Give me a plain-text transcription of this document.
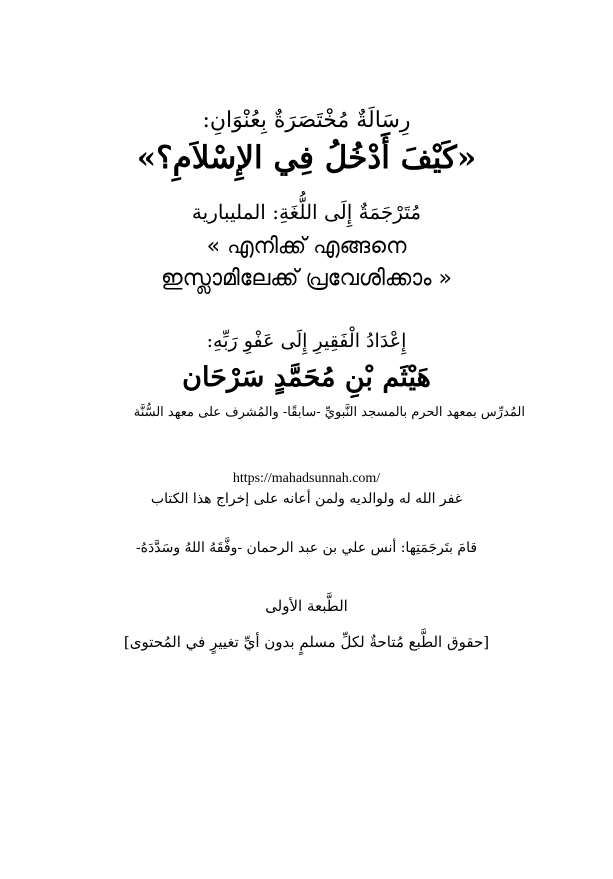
رِسَالَةٌ مُخْتَصَرَةٌ بِعُنْوَانِ:
«كَيْفَ أَدْخُلُ فِي الإِسْلاَمِ؟»
مُتَرْجَمَةٌ إِلَى اللُّغَةِ: المليبارية
« എനിക്ക് എങ്ങനെ
ഇസ്ലാമിലേക്ക് പ്രവേശിക്കാം »
إِعْدَادُ الْفَقِيرِ إِلَى عَفْوِ رَبِّهِ:
هَيْثَم بْنِ مُحَمَّدٍ سَرْحَان
المُدرِّس بمعهد الحرم بالمسجد النَّبويِّ -سابقًا- والمُشرف على معهد السُّنَّة
https://mahadsunnah.com/
غفر الله له ولوالديه ولمن أعانه على إخراج هذا الكتاب
قامَ بتَرجَمَتِها: أنس علي بن عبد الرحمان -وفَّقَهُ اللهُ وسَدَّدَهُ-
الطَّبعة الأولى
[حقوق الطَّبع مُتاحةٌ لكلِّ مسلمٍ بدون أيِّ تغييرٍ في المُحتوى]
